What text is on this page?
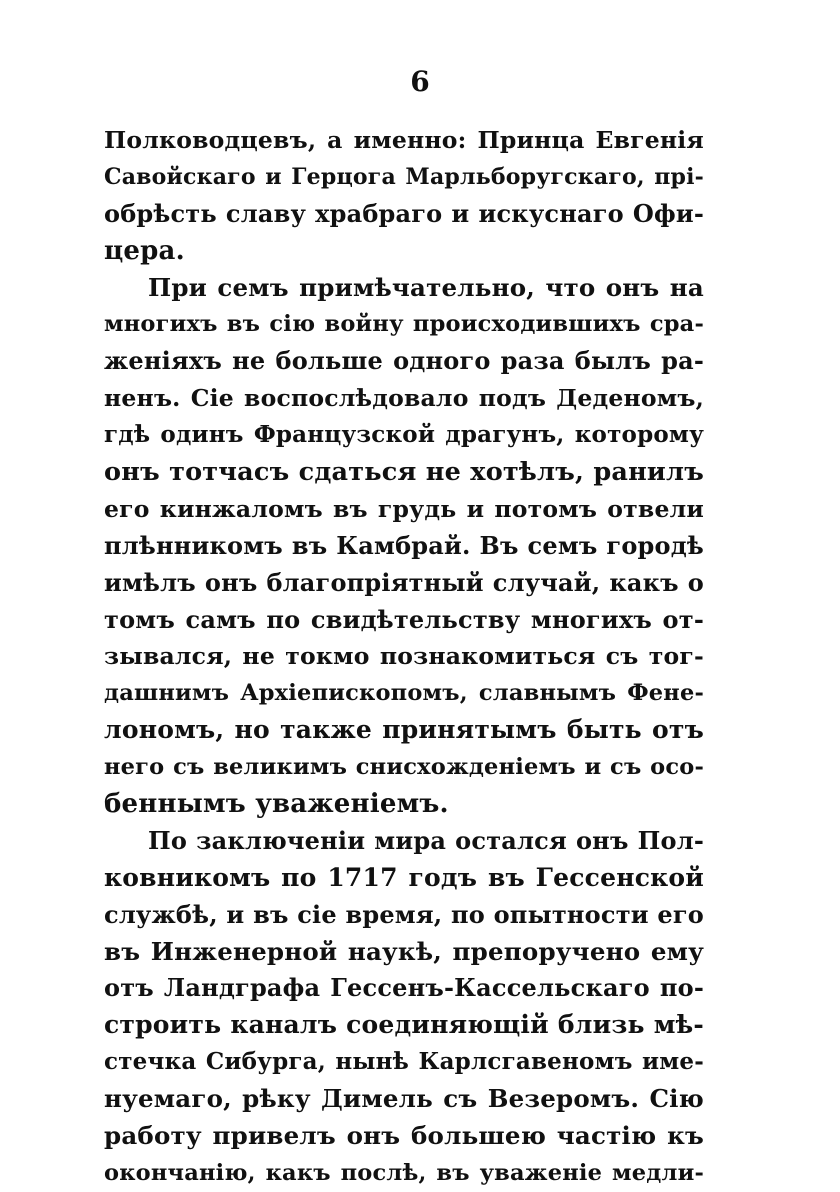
6
Полководцевъ, а именно: Принца Евгенія
Савойскаго и Герцога Марльборугскаго, прі-
обрѣсть славу храбраго и искуснаго Офи-
цера.
При семъ примѣчательно, что онъ на
многихъ въ сію войну происходившихъ сра-
женіяхъ не больше одного раза былъ ра-
ненъ. Сіе воспослѣдовало подъ Деденомъ,
гдѣ одинъ Французской драгунъ, которому
онъ тотчасъ сдаться не хотѣлъ, ранилъ
его кинжаломъ въ грудь и потомъ отвели
плѣнникомъ въ Камбрай. Въ семъ городѣ
имѣлъ онъ благопріятный случай, какъ о
томъ самъ по свидѣтельству многихъ от-
зывался, не токмо познакомиться съ тог-
дашнимъ Архіепископомъ, славнымъ Фене-
лономъ, но также принятымъ быть отъ
него съ великимъ снисхожденіемъ и съ осо-
беннымъ уваженіемъ.
По заключеніи мира остался онъ Пол-
ковникомъ по 1717 годъ въ Гессенской
службѣ, и въ сіе время, по опытности его
въ Инженерной наукѣ, препоручено ему
отъ Ландграфа Гессенъ-Кассельскаго по-
строить каналъ соединяющій близь мѣ-
стечка Сибурга, нынѣ Карлсгавеномъ име-
нуемаго, рѣку Димель съ Везеромъ. Сію
работу привелъ онъ большею частію къ
окончанію, какъ послѣ, въ уваженіе медли-
